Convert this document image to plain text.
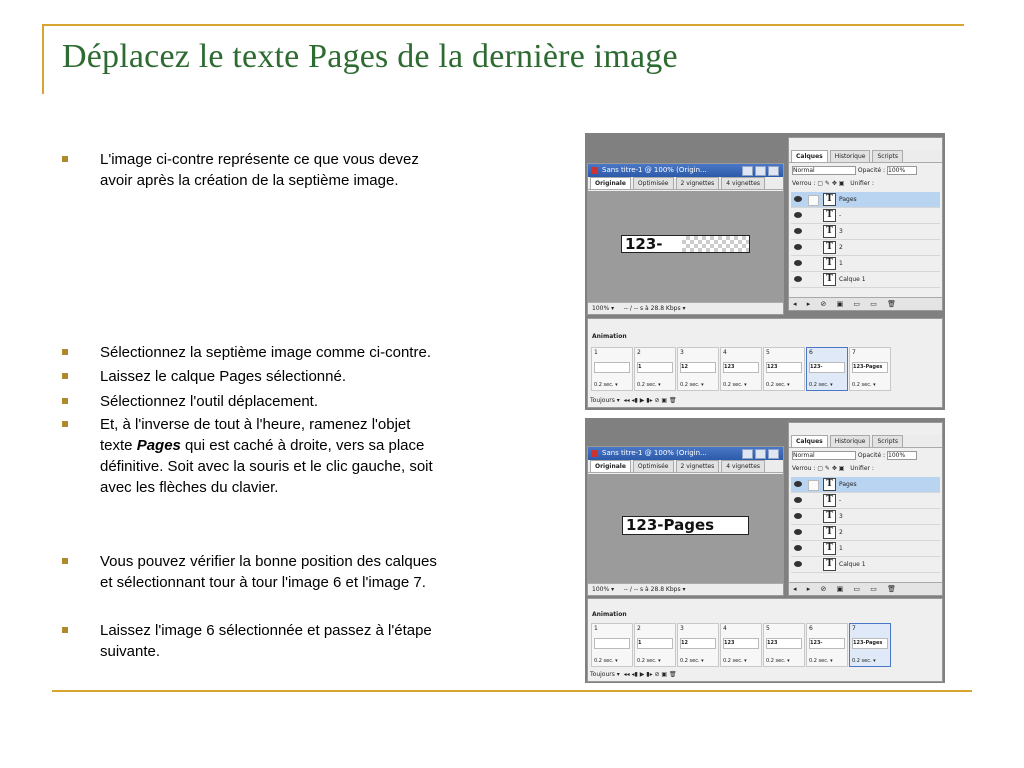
Déplacez le texte Pages de la dernière image
L'image ci-contre représente ce que vous devez
avoir après la création de la septième image.
Sélectionnez la septième image comme ci-contre.
Laissez le calque Pages sélectionné.
Sélectionnez l'outil déplacement.
Et, à l'inverse de tout à l'heure, ramenez l'objet
texte Pages qui est caché à droite, vers sa place
définitive. Soit avec la souris et le clic gauche, soit
avec les flèches du clavier.
Vous pouvez vérifier la bonne position des calques
et sélectionnant tour à tour l'image 6 et l'image 7.
Laissez l'image 6 sélectionnée et passez à l'étape
suivante.
Sans titre-1 @ 100% (Origin...
Originale Optimisée 2 vignettes 4 vignettes
123-
100% ▾     -- / -- s à 28.8 Kbps ▾
Calques Historique Scripts
Normal	Opacité : 100%
Verrou : ▢ ✎ ✥ ▣   Unifier :
T	Pages
T	-
T	3
T	2
T	1
T	Calque 1
◂ ▸ ⊘ ▣ ▭ ▭ 🗑
Animation
1
0.2 sec. ▾
2
1
0.2 sec. ▾
3
12
0.2 sec. ▾
4
123
0.2 sec. ▾
5
123
0.2 sec. ▾
6
123-
0.2 sec. ▾
7
123-Pages
0.2 sec. ▾
Toujours ▾  ◂◂ ◂▮ ▶ ▮▸ ⊘ ▣ 🗑
Sans titre-1 @ 100% (Origin...
Originale Optimisée 2 vignettes 4 vignettes
123-Pages
100% ▾     -- / -- s à 28.8 Kbps ▾
Calques Historique Scripts
Normal	Opacité : 100%
Verrou : ▢ ✎ ✥ ▣   Unifier :
T	Pages
T	-
T	3
T	2
T	1
T	Calque 1
◂ ▸ ⊘ ▣ ▭ ▭ 🗑
Animation
1
0.2 sec. ▾
2
1
0.2 sec. ▾
3
12
0.2 sec. ▾
4
123
0.2 sec. ▾
5
123
0.2 sec. ▾
6
123-
0.2 sec. ▾
7
123-Pages
0.2 sec. ▾
Toujours ▾  ◂◂ ◂▮ ▶ ▮▸ ⊘ ▣ 🗑
